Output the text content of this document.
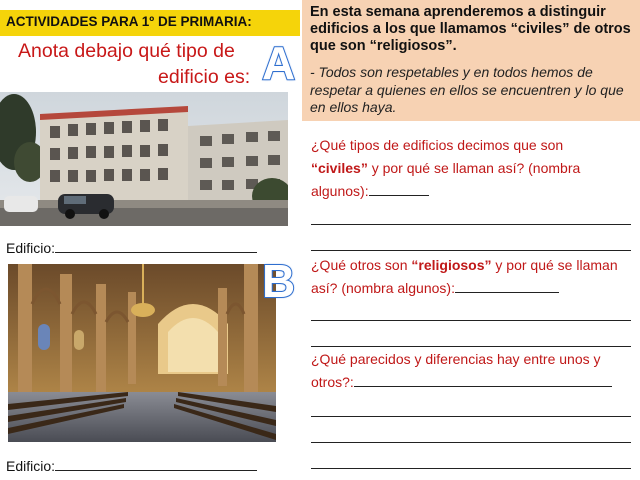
ACTIVIDADES PARA 1º DE PRIMARIA:
Anota debajo qué tipo de
edificio es: A
Edificio:
B
Edificio:
En esta semana aprenderemos a distinguir edificios a los que llamamos “civiles” de otros que son “religiosos”.
- Todos son respetables y en todos hemos de respetar a quienes en ellos se encuentren y lo que en ellos haya.
¿Qué tipos de edificios decimos que son
“civiles” y por qué se llaman así? (nombra algunos):
¿Qué otros son “religiosos” y por qué se llaman así? (nombra algunos):
¿Qué parecidos y diferencias hay entre unos y otros?:
